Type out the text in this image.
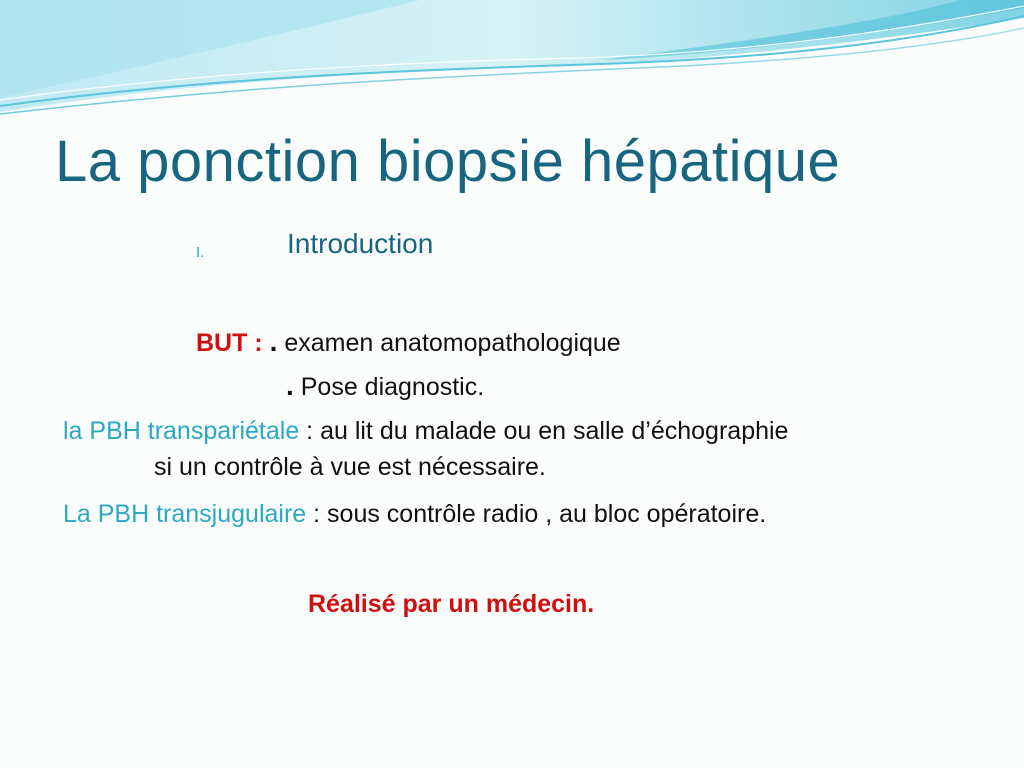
La ponction biopsie hépatique
I.	Introduction
BUT : . examen anatomopathologique
. Pose diagnostic.
la PBH transpariétale : au lit du malade ou en salle d’échographie
si un contrôle à vue est nécessaire.
La PBH transjugulaire : sous contrôle radio , au bloc opératoire.
Réalisé par un médecin.
